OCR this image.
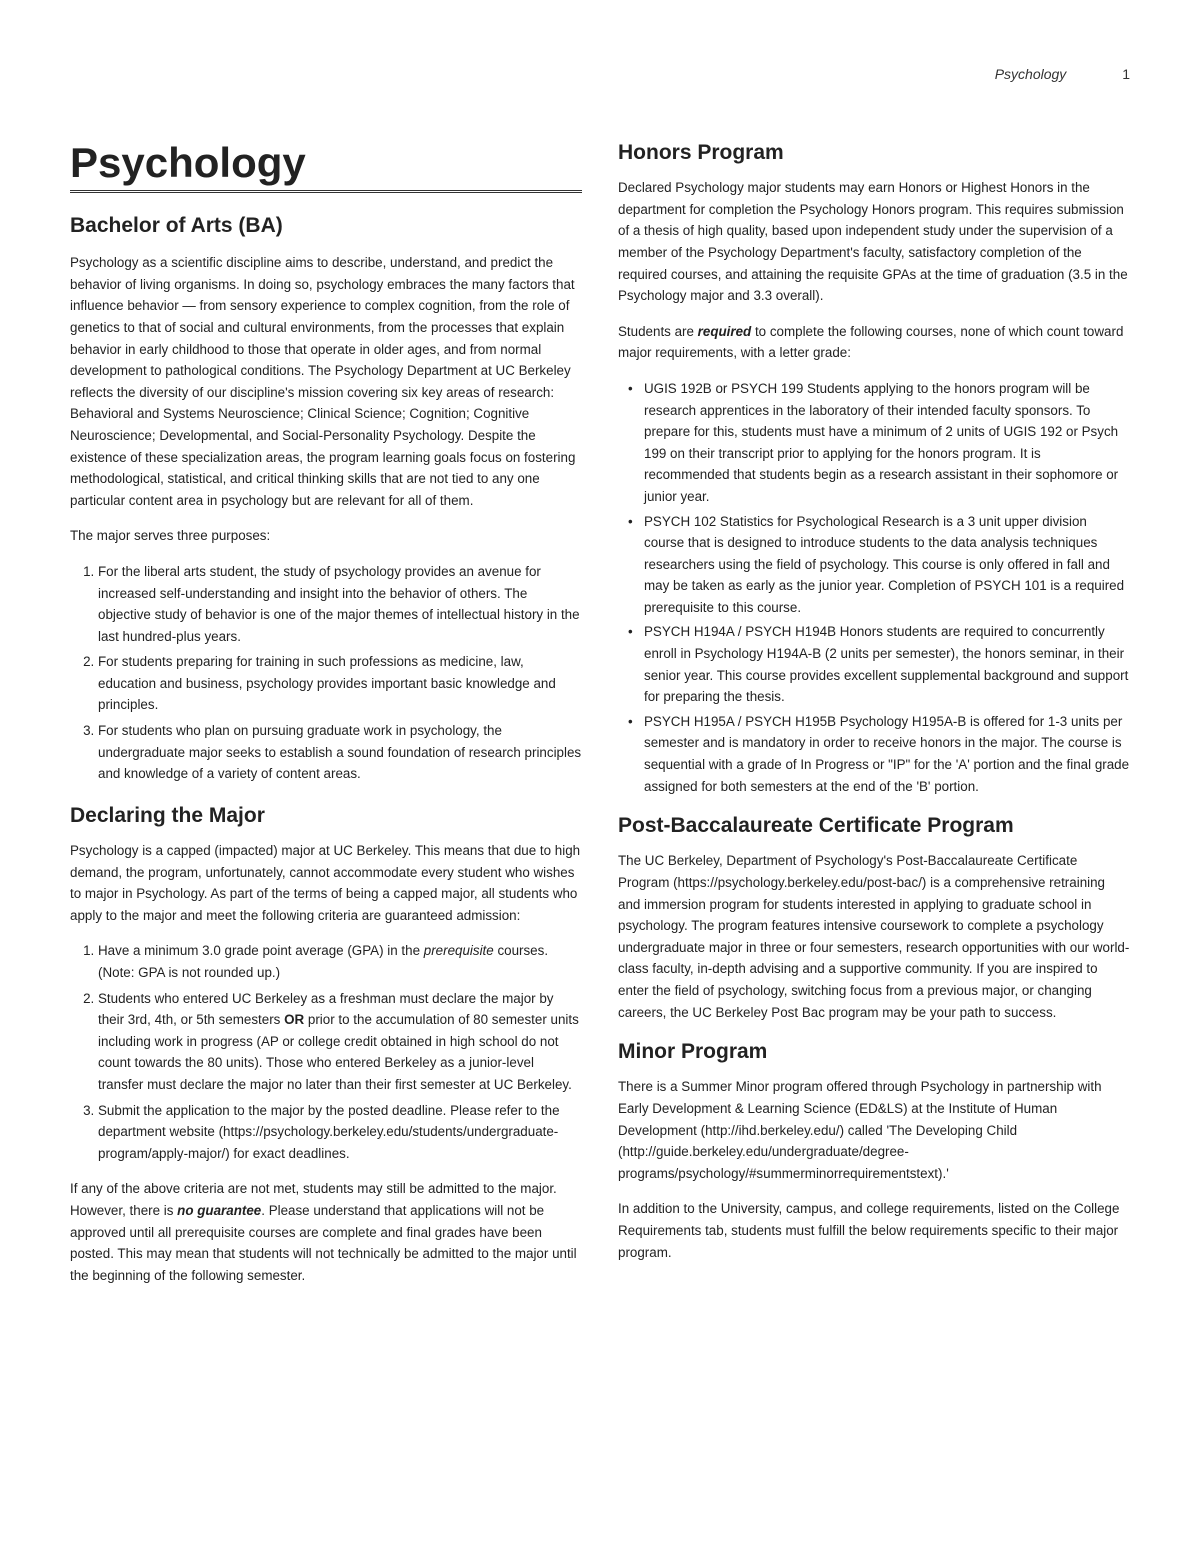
Psychology	1
Psychology
Bachelor of Arts (BA)

Psychology as a scientific discipline aims to describe, understand, and predict the behavior of living organisms. In doing so, psychology embraces the many factors that influence behavior — from sensory experience to complex cognition, from the role of genetics to that of social and cultural environments, from the processes that explain behavior in early childhood to those that operate in older ages, and from normal development to pathological conditions. The Psychology Department at UC Berkeley reflects the diversity of our discipline's mission covering six key areas of research: Behavioral and Systems Neuroscience; Clinical Science; Cognition; Cognitive Neuroscience; Developmental, and Social-Personality Psychology. Despite the existence of these specialization areas, the program learning goals focus on fostering methodological, statistical, and critical thinking skills that are not tied to any one particular content area in psychology but are relevant for all of them.

The major serves three purposes:

1. For the liberal arts student, the study of psychology provides an avenue for increased self-understanding and insight into the behavior of others. The objective study of behavior is one of the major themes of intellectual history in the last hundred-plus years.
2. For students preparing for training in such professions as medicine, law, education and business, psychology provides important basic knowledge and principles.
3. For students who plan on pursuing graduate work in psychology, the undergraduate major seeks to establish a sound foundation of research principles and knowledge of a variety of content areas.
Declaring the Major

Psychology is a capped (impacted) major at UC Berkeley. This means that due to high demand, the program, unfortunately, cannot accommodate every student who wishes to major in Psychology. As part of the terms of being a capped major, all students who apply to the major and meet the following criteria are guaranteed admission:

1. Have a minimum 3.0 grade point average (GPA) in the prerequisite courses. (Note: GPA is not rounded up.)
2. Students who entered UC Berkeley as a freshman must declare the major by their 3rd, 4th, or 5th semesters OR prior to the accumulation of 80 semester units including work in progress (AP or college credit obtained in high school do not count towards the 80 units). Those who entered Berkeley as a junior-level transfer must declare the major no later than their first semester at UC Berkeley.
3. Submit the application to the major by the posted deadline. Please refer to the department website (https://psychology.berkeley.edu/students/undergraduate-program/apply-major/) for exact deadlines.

If any of the above criteria are not met, students may still be admitted to the major. However, there is no guarantee. Please understand that applications will not be approved until all prerequisite courses are complete and final grades have been posted. This may mean that students will not technically be admitted to the major until the beginning of the following semester.

Honors Program

Declared Psychology major students may earn Honors or Highest Honors in the department for completion the Psychology Honors program. This requires submission of a thesis of high quality, based upon independent study under the supervision of a member of the Psychology Department's faculty, satisfactory completion of the required courses, and attaining the requisite GPAs at the time of graduation (3.5 in the Psychology major and 3.3 overall).

Students are required to complete the following courses, none of which count toward major requirements, with a letter grade:

• UGIS 192B or PSYCH 199 Students applying to the honors program will be research apprentices in the laboratory of their intended faculty sponsors. To prepare for this, students must have a minimum of 2 units of UGIS 192 or Psych 199 on their transcript prior to applying for the honors program. It is recommended that students begin as a research assistant in their sophomore or junior year.
• PSYCH 102 Statistics for Psychological Research is a 3 unit upper division course that is designed to introduce students to the data analysis techniques researchers using the field of psychology. This course is only offered in fall and may be taken as early as the junior year. Completion of PSYCH 101 is a required prerequisite to this course.
• PSYCH H194A / PSYCH H194B Honors students are required to concurrently enroll in Psychology H194A-B (2 units per semester), the honors seminar, in their senior year. This course provides excellent supplemental background and support for preparing the thesis.
• PSYCH H195A / PSYCH H195B Psychology H195A-B is offered for 1-3 units per semester and is mandatory in order to receive honors in the major. The course is sequential with a grade of In Progress or "IP" for the 'A' portion and the final grade assigned for both semesters at the end of the 'B' portion.
Post-Baccalaureate Certificate Program

The UC Berkeley, Department of Psychology's Post-Baccalaureate Certificate Program (https://psychology.berkeley.edu/post-bac/) is a comprehensive retraining and immersion program for students interested in applying to graduate school in psychology. The program features intensive coursework to complete a psychology undergraduate major in three or four semesters, research opportunities with our world-class faculty, in-depth advising and a supportive community. If you are inspired to enter the field of psychology, switching focus from a previous major, or changing careers, the UC Berkeley Post Bac program may be your path to success.

Minor Program

There is a Summer Minor program offered through Psychology in partnership with Early Development & Learning Science (ED&LS) at the Institute of Human Development (http://ihd.berkeley.edu/) called 'The Developing Child (http://guide.berkeley.edu/undergraduate/degree-programs/psychology/#summerminorrequirementstext).'

In addition to the University, campus, and college requirements, listed on the College Requirements tab, students must fulfill the below requirements specific to their major program.
